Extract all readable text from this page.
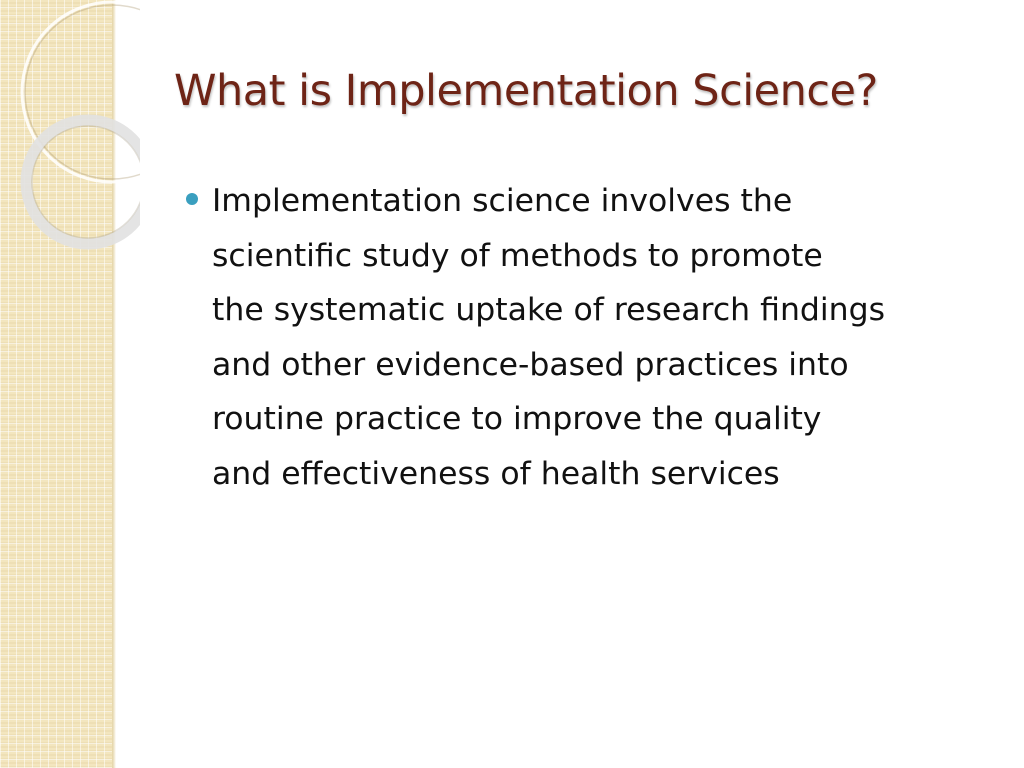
What is Implementation Science?
Implementation science involves the
scientific study of methods to promote
the systematic uptake of research findings
and other evidence-based practices into
routine practice to improve the quality
and effectiveness of health services
